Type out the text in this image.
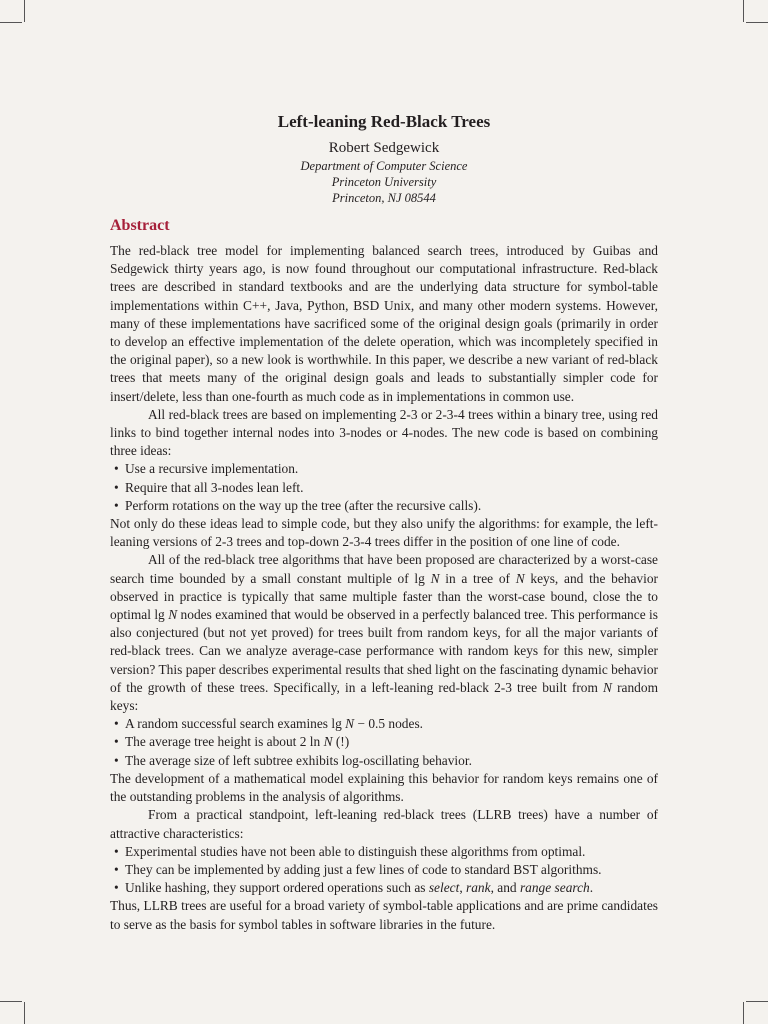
Left-leaning Red-Black Trees
Robert Sedgewick
Department of Computer Science
Princeton University
Princeton, NJ 08544
Abstract

The red-black tree model for implementing balanced search trees, introduced by Guibas and Sedgewick thirty years ago, is now found throughout our computational infrastructure. Red-black trees are described in standard textbooks and are the underlying data structure for symbol-table implementations within C++, Java, Python, BSD Unix, and many other modern systems. However, many of these implementations have sacrificed some of the original design goals (primarily in order to develop an effective implementation of the delete operation, which was incompletely specified in the original paper), so a new look is worthwhile. In this paper, we describe a new variant of red-black trees that meets many of the original design goals and leads to substantially simpler code for insert/delete, less than one-fourth as much code as in implementations in common use.

All red-black trees are based on implementing 2-3 or 2-3-4 trees within a binary tree, using red links to bind together internal nodes into 3-nodes or 4-nodes. The new code is based on combining three ideas:

• Use a recursive implementation.
• Require that all 3-nodes lean left.
• Perform rotations on the way up the tree (after the recursive calls).

Not only do these ideas lead to simple code, but they also unify the algorithms: for example, the left-leaning versions of 2-3 trees and top-down 2-3-4 trees differ in the position of one line of code.

All of the red-black tree algorithms that have been proposed are characterized by a worst-case search time bounded by a small constant multiple of lg N in a tree of N keys, and the behavior observed in practice is typically that same multiple faster than the worst-case bound, close the to optimal lg N nodes examined that would be observed in a perfectly balanced tree. This performance is also conjectured (but not yet proved) for trees built from random keys, for all the major variants of red-black trees. Can we analyze average-case performance with random keys for this new, simpler version? This paper describes experimental results that shed light on the fascinating dynamic behavior of the growth of these trees. Specifically, in a left-leaning red-black 2-3 tree built from N random keys:

• A random successful search examines lg N − 0.5 nodes.
• The average tree height is about 2 ln N (!)
• The average size of left subtree exhibits log-oscillating behavior.

The development of a mathematical model explaining this behavior for random keys remains one of the outstanding problems in the analysis of algorithms.

From a practical standpoint, left-leaning red-black trees (LLRB trees) have a number of attractive characteristics:

• Experimental studies have not been able to distinguish these algorithms from optimal.
• They can be implemented by adding just a few lines of code to standard BST algorithms.
• Unlike hashing, they support ordered operations such as select, rank, and range search.

Thus, LLRB trees are useful for a broad variety of symbol-table applications and are prime candidates to serve as the basis for symbol tables in software libraries in the future.
